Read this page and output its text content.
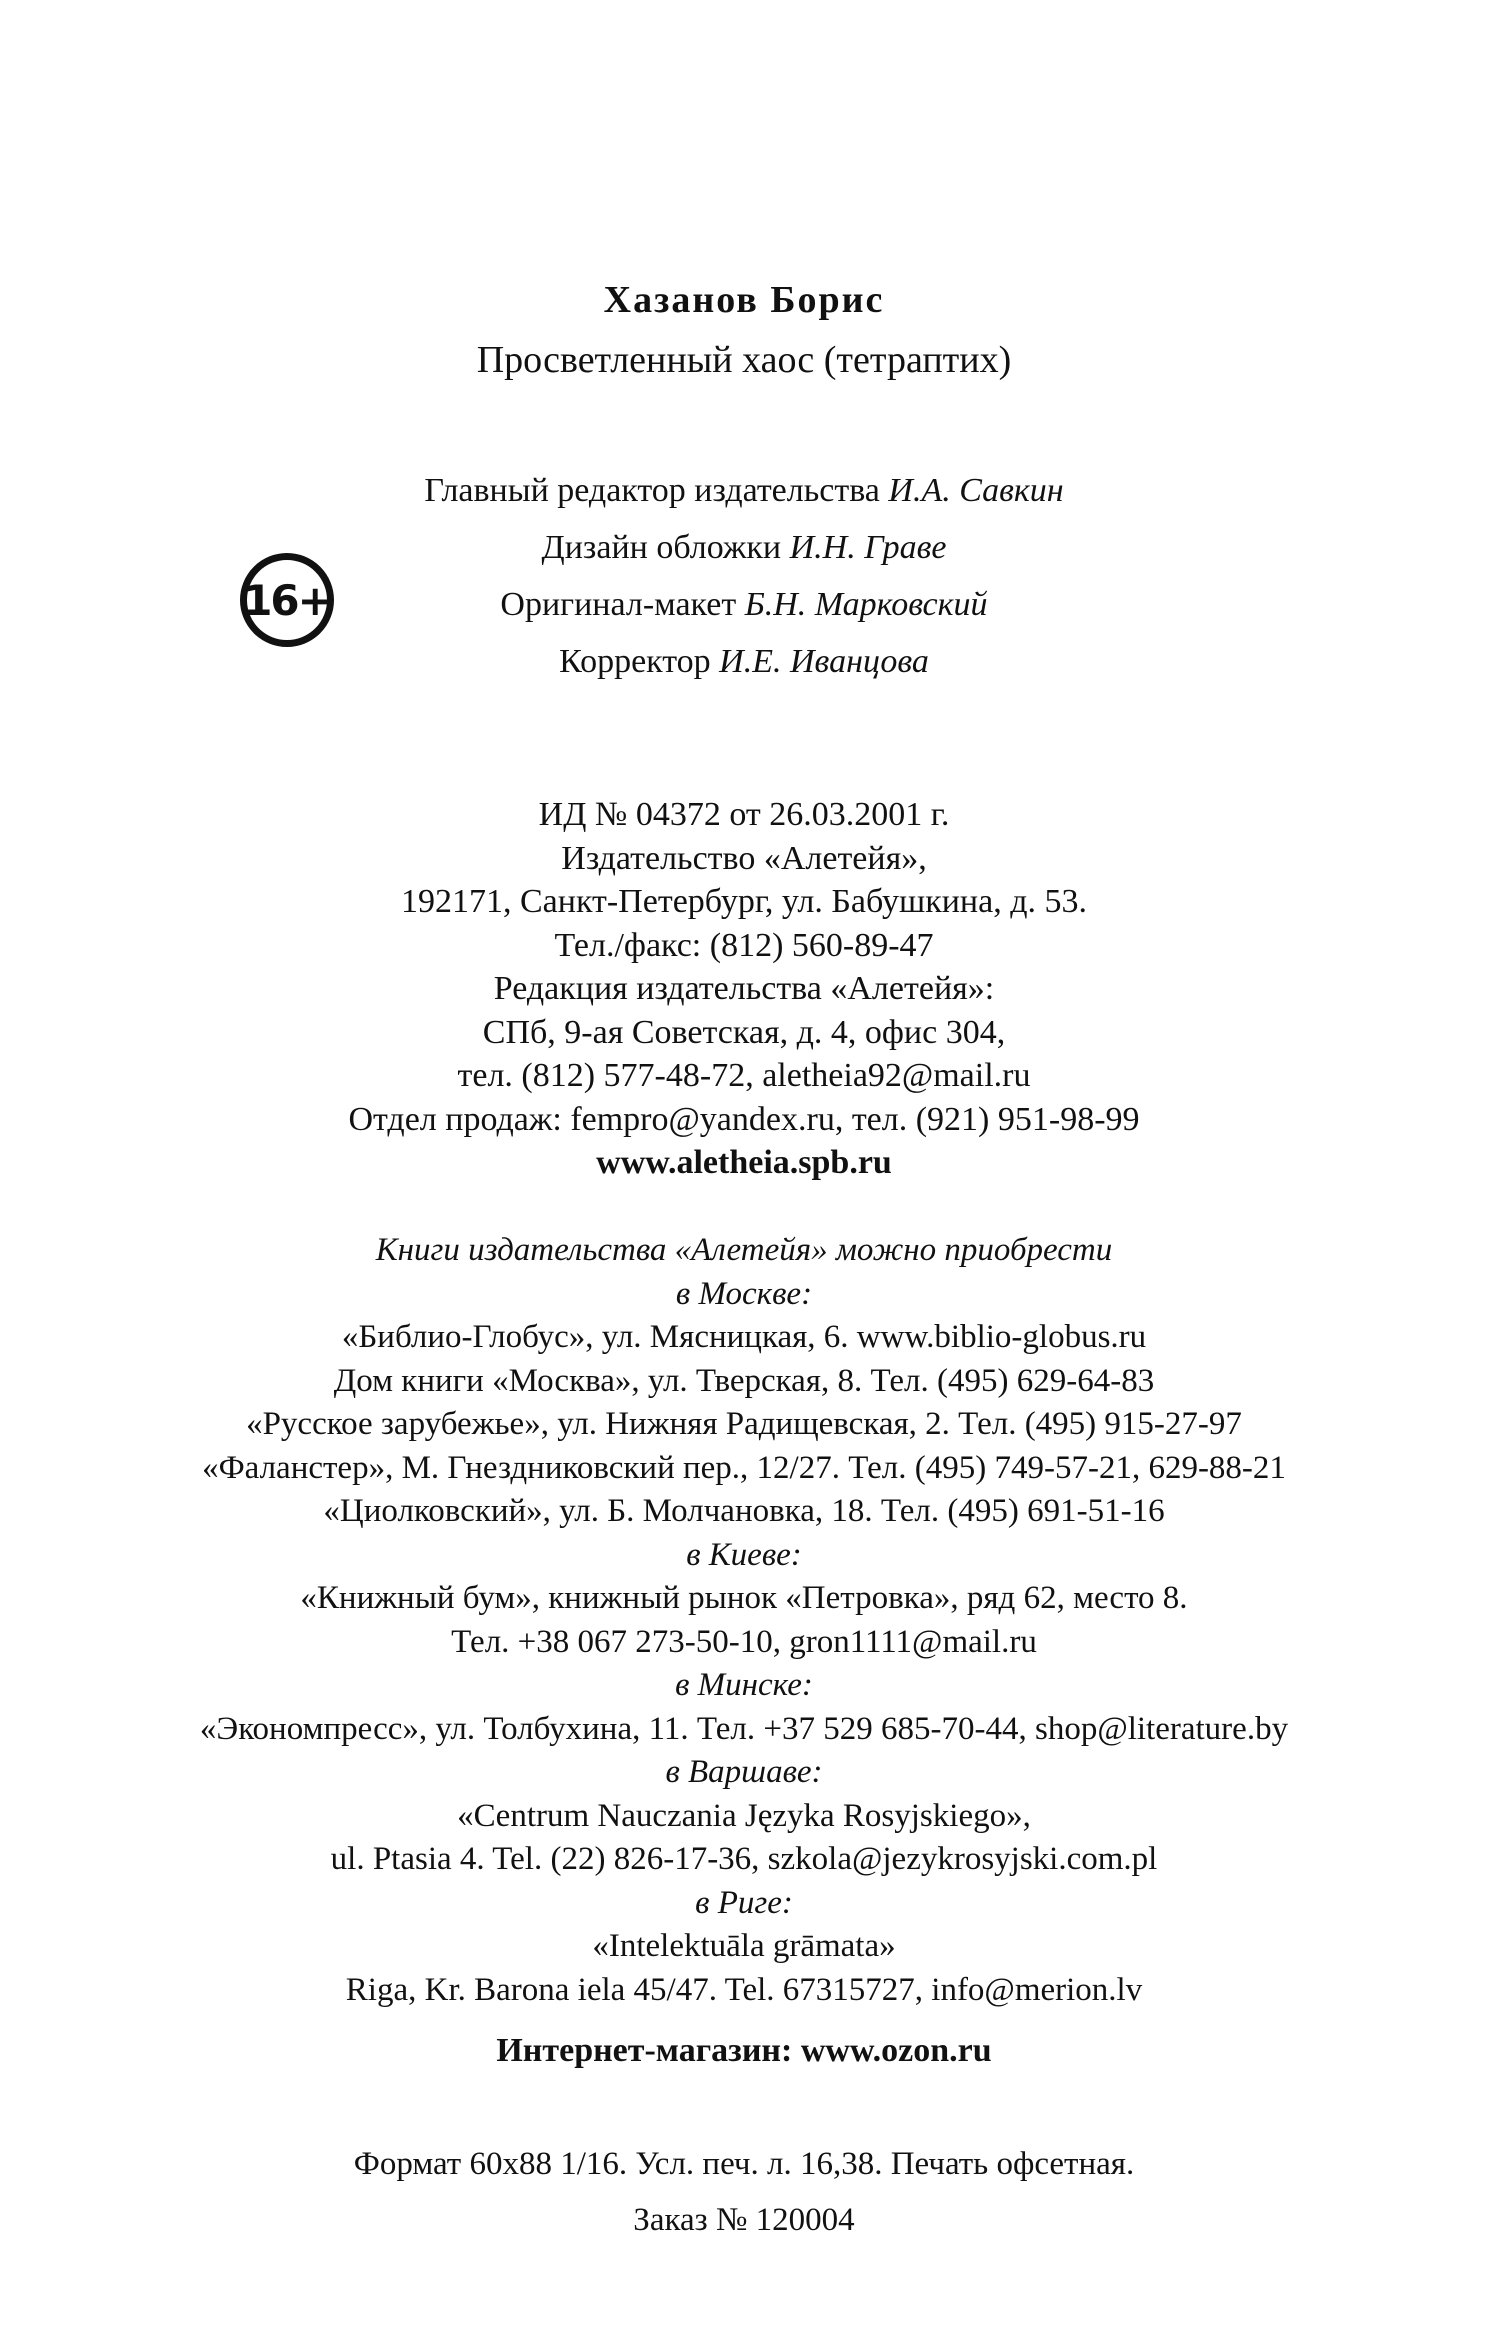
Хазанов Борис
Просветленный хаос (тетраптих)
16+
Главный редактор издательства И.А. Савкин
Дизайн обложки И.Н. Граве
Оригинал-макет Б.Н. Марковский
Корректор И.Е. Иванцова
ИД № 04372 от 26.03.2001 г.
Издательство «Алетейя»,
192171, Санкт-Петербург, ул. Бабушкина, д. 53.
Тел./факс: (812) 560-89-47
Редакция издательства «Алетейя»:
СПб, 9-ая Советская, д. 4, офис 304,
тел. (812) 577-48-72, aletheia92@mail.ru
Отдел продаж: fempro@yandex.ru, тел. (921) 951-98-99
www.aletheia.spb.ru
Книги издательства «Алетейя» можно приобрести
в Москве:
«Библио-Глобус», ул. Мясницкая, 6. www.biblio-globus.ru
Дом книги «Москва», ул. Тверская, 8. Тел. (495) 629-64-83
«Русское зарубежье», ул. Нижняя Радищевская, 2. Тел. (495) 915-27-97
«Фаланстер», М. Гнездниковский пер., 12/27. Тел. (495) 749-57-21, 629-88-21
«Циолковский», ул. Б. Молчановка, 18. Тел. (495) 691-51-16
в Киеве:
«Книжный бум», книжный рынок «Петровка», ряд 62, место 8.
Тел. +38 067 273-50-10, gron1111@mail.ru
в Минске:
«Экономпресс», ул. Толбухина, 11. Тел. +37 529 685-70-44, shop@literature.by
в Варшаве:
«Centrum Nauczania Języka Rosyjskiego»,
ul. Ptasia 4. Tel. (22) 826-17-36, szkola@jezykrosyjski.com.pl
в Риге:
«Intelektuāla grāmata»
Riga, Kr. Barona iela 45/47. Tel. 67315727, info@merion.lv
Интернет-магазин: www.ozon.ru
Формат 60x88 1/16. Усл. печ. л. 16,38. Печать офсетная.
Заказ № 120004
